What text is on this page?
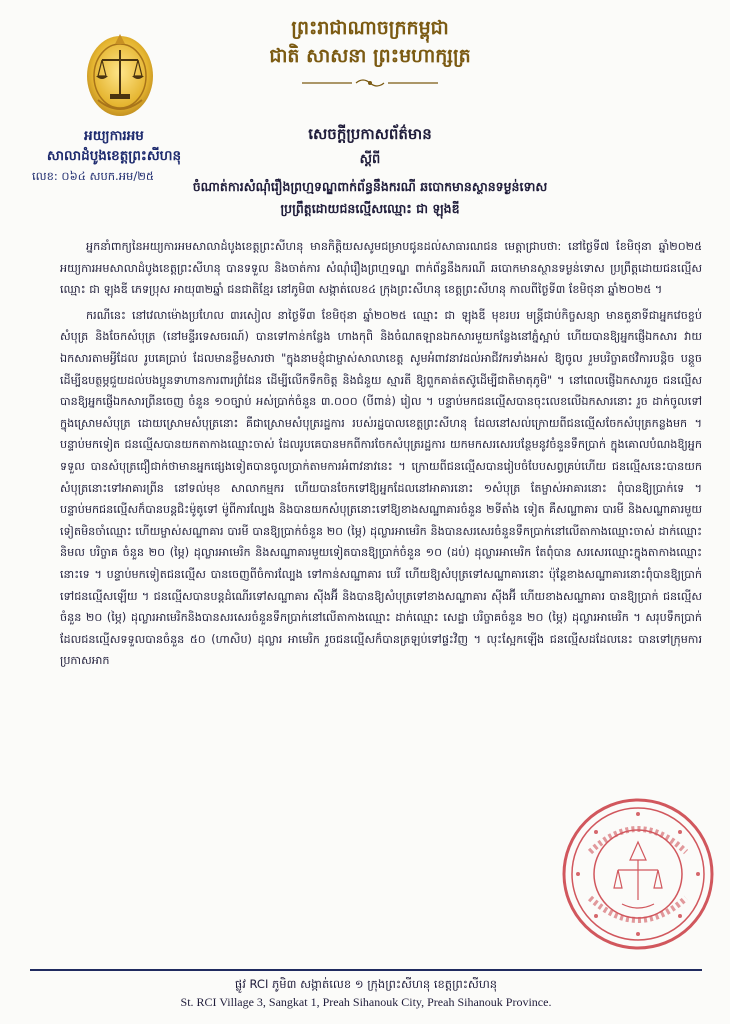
ព្រះរាជាណាចក្រកម្ពុជា
ជាតិ សាសនា ព្រះមហាក្សត្រ
អយ្យការអម
សាលាដំបូងខេត្តព្រះសីហនុ
លេខ: ០៦៤ សបក.អម/២៥
សេចក្តីប្រកាសព័ត៌មាន
ស្តីពី
ចំណាត់ការសំណុំរឿងព្រហ្មទណ្ឌពាក់ព័ន្ធនឹងករណី ឆបោកមានស្ថានទម្ងន់ទោស
ប្រព្រឹត្តដោយជនល្មើសឈ្មោះ ជា ឡុងឌី

អ្នកនាំពាក្យនៃអយ្យការអមសាលាដំបូងខេត្តព្រះសីហនុ មានកិត្តិយសសូមជម្រាបជូនដល់សាធារណជន មេត្តាជ្រាបថា: នៅថ្ងៃទី៧ ខែមិថុនា ឆ្នាំ២០២៥ អយ្យការអមសាលាដំបូងខេត្តព្រះសីហនុ បានទទួល និងចាត់ការ សំណុំរឿងព្រហ្មទណ្ឌ ពាក់ព័ន្ធនឹងករណី ឆបោកមានស្ថានទម្ងន់ទោស ប្រព្រឹត្តដោយជនល្មើសឈ្មោះ ជា ឡុងឌី ភេទប្រុស អាយុ៣២ឆ្នាំ ជនជាតិខ្មែរ នៅភូមិ៣ សង្កាត់លេខ៤ ក្រុងព្រះសីហនុ ខេត្តព្រះសីហនុ កាលពីថ្ងៃទី៣ ខែមិថុនា ឆ្នាំ២០២៥ ។

ករណីនេះ នៅវេលាម៉ោងប្រហែល ៣រសៀល នាថ្ងៃទី៣ ខែមិថុនា ឆ្នាំ២០២៥ ឈ្មោះ ជា ឡុងឌី មុខរបរ មន្ត្រីជាប់កិច្ចសន្យា មានតួនាទីជាអ្នកវេចខ្ចប់សំបុត្រ និងចែកសំបុត្រ (នៅមន្ទីរទេសចរណ៍) បានទៅកាន់កន្លែង ហាងកុពិ និងចំណតឡានឯកសារមួយកន្លែងនៅភ្នំស្អាប់ ហើយបានឱ្យអ្នកផ្ញើឯកសារ វាយឯកសារតាមអ្វីដែល រូបគេប្រាប់ ដែលមានខ្លឹមសារថា "ក្នុងនាមខ្ញុំជាម្ចាស់សាលាខេត្ត សូមអំពាវនាវដល់អាជីវករទាំងអស់ ឱ្យចូល រួមបរិច្ចាគថវិការបន្តិច បន្តួច ដើម្បីឧបត្ថម្ភជួយដល់បងប្អូនទាហានការពារព្រំដែន ដើម្បីលើកទឹកចិត្ត និងជំនួយ ស្មារតី ឱ្យពួកគាត់តស៊ូដើម្បីជាតិមាតុភូមិ" ។ នៅពេលផ្ញើឯកសាររួច ជនល្មើសបានឱ្យអ្នកផ្ញើឯកសារព្រីនចេញ ចំនួន ១០ច្បាប់ អស់ប្រាក់ចំនួន ៣.០០០ (បីពាន់) រៀល ។ បន្ទាប់មកជនល្មើសបានចុះលេខលើឯកសារនោះ រួច ដាក់ចូលទៅក្នុងស្រោមសំបុត្រ ដោយស្រោមសំបុត្រនោះ គឺជាស្រោមសំបុត្ររដ្ឋការ របស់រដ្ឋបាលខេត្តព្រះសីហនុ ដែលនៅសល់ក្រោយពីជនល្មើសចែកសំបុត្រកន្លងមក ។ បន្ទាប់មកទៀត ជនល្មើសបានយកតាកាងឈ្មោះចាស់ ដែលរូបគេបានមកពីការចែកសំបុត្ររដ្ឋការ យកមកសរសេរបន្ថែមនូវចំនួនទឹកប្រាក់ ក្នុងគោលបំណងឱ្យអ្នកទទួល បានសំបុត្រជឿជាក់ថាមានអ្នកផ្សេងទៀតបានចូលប្រាក់តាមការអំពាវនាវនេះ ។ ក្រោយពីជនល្មើសបានរៀបចំបែបសព្វគ្រប់ហើយ ជនល្មើសនេះបានយកសំបុត្រនោះទៅអាគារព្រីន នៅទល់មុខ សាលាកម្មករ ហើយបានចែកទៅឱ្យអ្នកដែលនៅអាគារនោះ ១សំបុត្រ តែម្ចាស់អាគារនោះ ពុំបានឱ្យប្រាក់ទេ ។ បន្ទាប់មកជនល្មើសក៏បានបន្តជិះម៉ូតូទៅ ម៉ូពីការល្បែង និងបានយកសំបុត្រនោះទៅឱ្យខាងសណ្ឋាគារចំនួន ២ទីតាំង ទៀត គឺសណ្ឋាគារ បារមី និងសណ្ឋាគារមួយទៀតមិនចាំឈ្មោះ ហើយម្ចាស់សណ្ឋាគារ បារមី បានឱ្យប្រាក់ចំនួន ២០ (ម្ភៃ) ដុល្លារអាមេរិក និងបានសរសេរចំនួនទឹកប្រាក់នៅលើតាកាងឈ្មោះចាស់ ដាក់ឈ្មោះ និមល បរិច្ចាគ ចំនួន ២០ (ម្ភៃ) ដុល្លារអាមេរិក និងសណ្ឋាគារមួយទៀតបានឱ្យប្រាក់ចំនួន ១០ (ដប់) ដុល្លារអាមេរិក តែពុំបាន សរសេរឈ្មោះក្នុងតាកាងឈ្មោះនោះទេ ។ បន្ទាប់មកទៀតជនល្មើស បានចេញពីចំការល្បែង ទៅកាន់សណ្ឋាគារ បេរី ហើយឱ្យសំបុត្រទៅសណ្ឋាគារនោះ ប៉ុន្តែខាងសណ្ឋាគារនោះពុំបានឱ្យប្រាក់ទៅជនល្មើសឡើយ ។ ជនល្មើសបានបន្តដំណើរទៅសណ្ឋាគារ ស៊ីងអ៊ី និងបានឱ្យសំបុត្រទៅខាងសណ្ឋាគារ ស៊ីងអ៊ី ហើយខាងសណ្ឋាគារ បានឱ្យប្រាក់ ជនល្មើសចំនួន ២០ (ម្ភៃ) ដុល្លារអាមេរិកនិងបានសរសេរចំនួនទឹកប្រាក់នៅលើតាកាងឈ្មោះ ដាក់ឈ្មោះ សេដ្ឋា បរិច្ចាគចំនួន ២០ (ម្ភៃ) ដុល្លារអាមេរិក ។ សរុបទឹកប្រាក់ដែលជនល្មើសទទួលបានចំនួន ៥០ (ហាសិប) ដុល្លារ អាមេរិក រួចជនល្មើសក៏បានត្រឡប់ទៅផ្ទះវិញ ។ លុះស្អែកឡើង ជនល្មើសដដែលនេះ បានទៅក្រុមការប្រកាសអាក

ផ្លូវ RCI ភូមិ៣ សង្កាត់លេខ ១ ក្រុងព្រះសីហនុ ខេត្តព្រះសីហនុ
St. RCI Village 3, Sangkat 1, Preah Sihanouk City, Preah Sihanouk Province.
